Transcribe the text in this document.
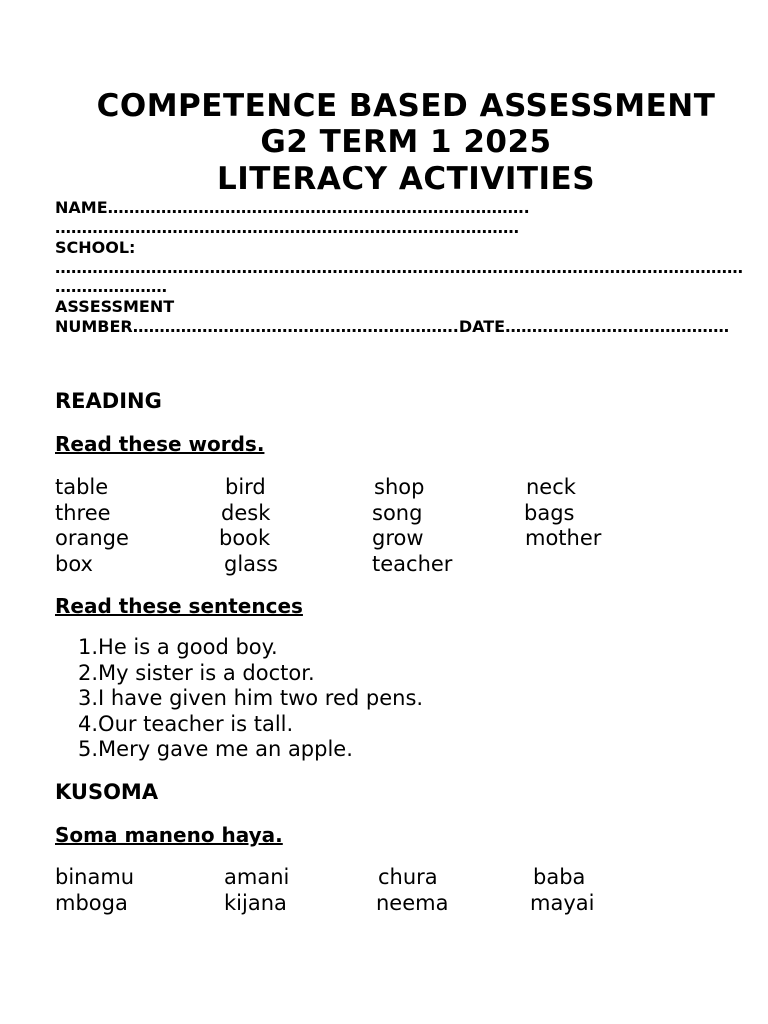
COMPETENCE BASED ASSESSMENT
G2 TERM 1 2025
LITERACY ACTIVITIES
NAME…………………………………………………………………….
……………………………………………………………………………
SCHOOL:
…………………………………………………………………………………………………………………
…………………
ASSESSMENT
NUMBER…………………………………………………….DATE……………………………………
READING
Read these words.
table	bird	shop	neck
three	desk	song	bags
orange	book	grow	mother
box	glass	teacher
Read these sentences
1.He is a good boy.
2.My sister is a doctor.
3.I have given him two red pens.
4.Our teacher is tall.
5.Mery gave me an apple.
KUSOMA
Soma maneno haya.
binamu	amani	chura	baba
mboga	kijana	neema	mayai
